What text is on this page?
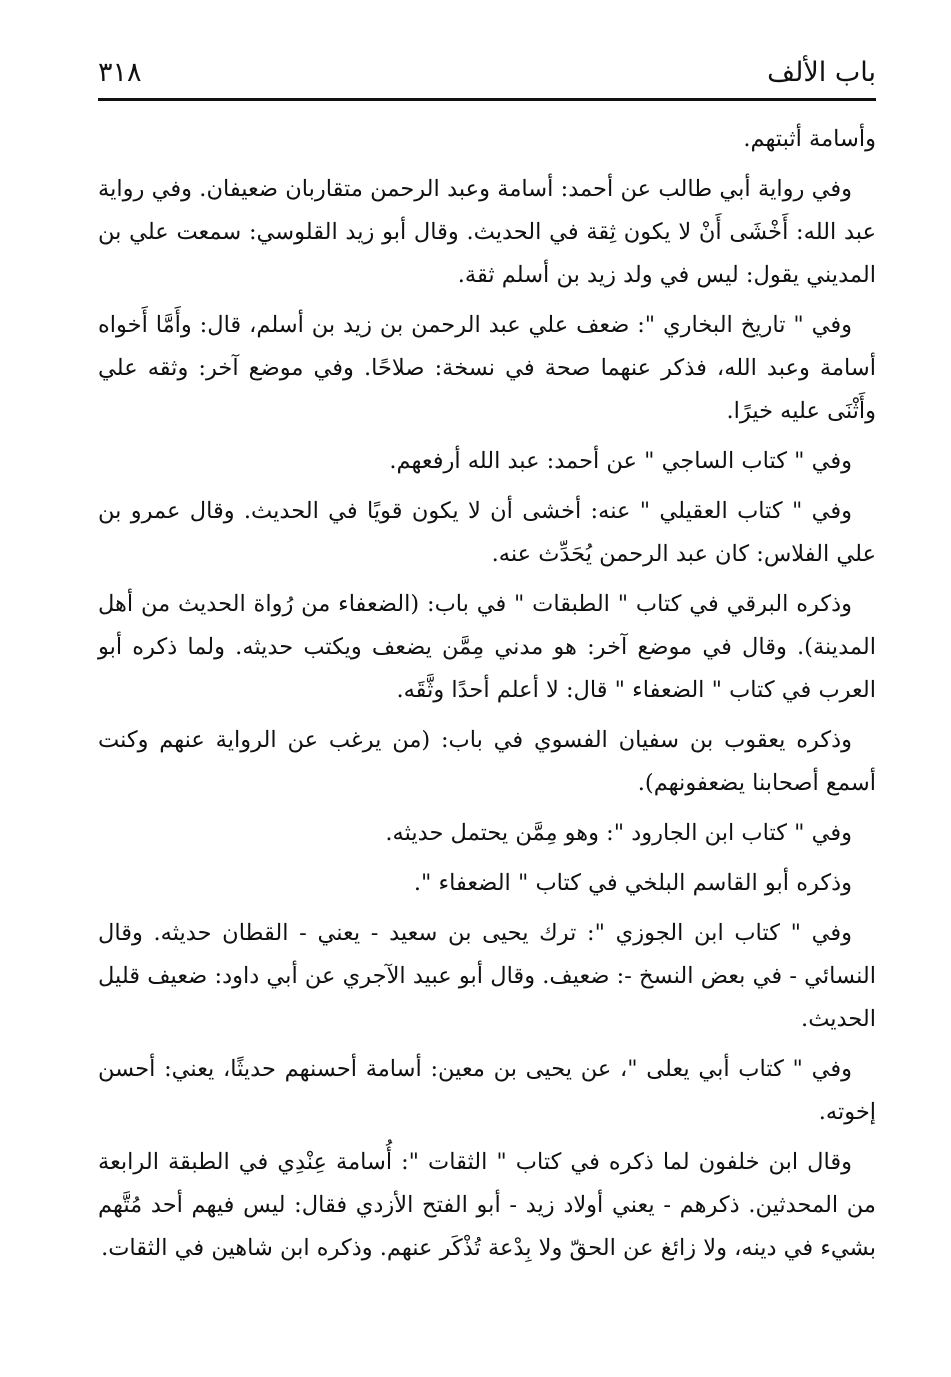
باب الألف
٣١٨

وأسامة أثبتهم.

وفي رواية أبي طالب عن أحمد: أسامة وعبد الرحمن متقاربان ضعيفان. وفي رواية عبد الله: أَخْشَى أَنْ لا يكون ثِقة في الحديث. وقال أبو زيد القلوسي: سمعت علي بن المديني يقول: ليس في ولد زيد بن أسلم ثقة.

وفي " تاريخ البخاري ": ضعف علي عبد الرحمن بن زيد بن أسلم، قال: وأَمَّا أَخواه أسامة وعبد الله، فذكر عنهما صحة في نسخة: صلاحًا. وفي موضع آخر: وثقه علي وأَثْنَى عليه خيرًا.

وفي " كتاب الساجي " عن أحمد: عبد الله أرفعهم.

وفي " كتاب العقيلي " عنه: أخشى أن لا يكون قويًا في الحديث. وقال عمرو بن علي الفلاس: كان عبد الرحمن يُحَدِّث عنه.

وذكره البرقي في كتاب " الطبقات " في باب: (الضعفاء من رُواة الحديث من أهل المدينة). وقال في موضع آخر: هو مدني مِمَّن يضعف ويكتب حديثه. ولما ذكره أبو العرب في كتاب " الضعفاء " قال: لا أعلم أحدًا وثَّقَه.

وذكره يعقوب بن سفيان الفسوي في باب: (من يرغب عن الرواية عنهم وكنت أسمع أصحابنا يضعفونهم).

وفي " كتاب ابن الجارود ": وهو مِمَّن يحتمل حديثه.

وذكره أبو القاسم البلخي في كتاب " الضعفاء ".

وفي " كتاب ابن الجوزي ": ترك يحيى بن سعيد - يعني - القطان حديثه. وقال النسائي - في بعض النسخ -: ضعيف. وقال أبو عبيد الآجري عن أبي داود: ضعيف قليل الحديث.

وفي " كتاب أبي يعلى "، عن يحيى بن معين: أسامة أحسنهم حديثًا، يعني: أحسن إخوته.

وقال ابن خلفون لما ذكره في كتاب " الثقات ": أُسامة عِنْدِي في الطبقة الرابعة من المحدثين. ذكرهم - يعني أولاد زيد - أبو الفتح الأزدي فقال: ليس فيهم أحد مُتَّهم بشيء في دينه، ولا زائغ عن الحقّ ولا بِدْعة تُذْكَر عنهم. وذكره ابن شاهين في الثقات.
